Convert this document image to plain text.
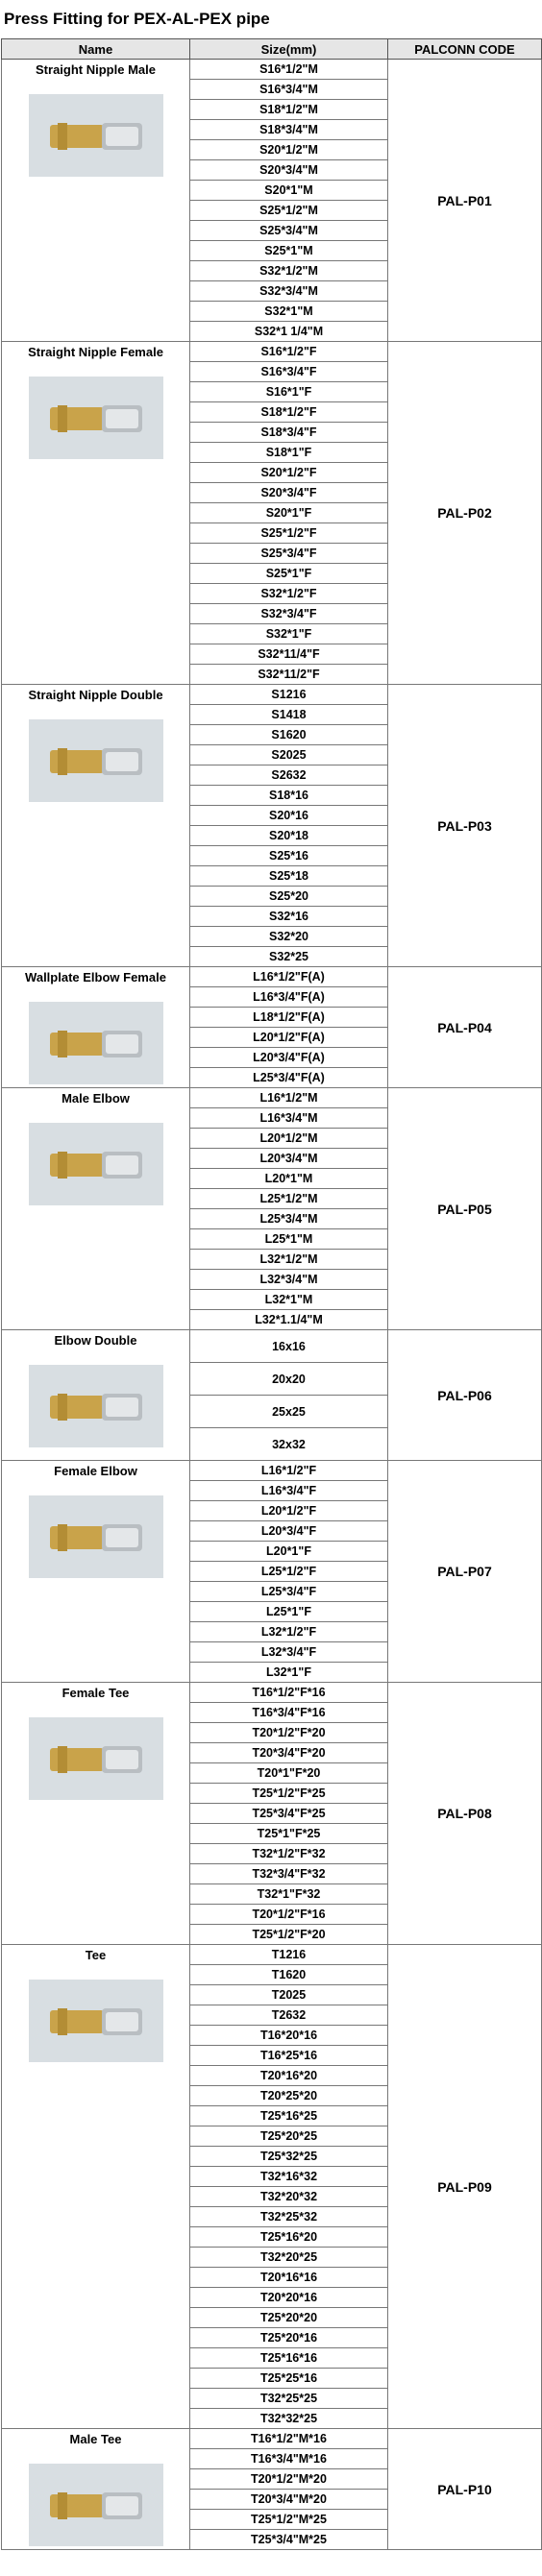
Press Fitting for PEX-AL-PEX pipe
Name	Size(mm)	PALCONN CODE

Straight Nipple Male	S16*1/2"M	PAL-P01
	S16*3/4"M	
	S18*1/2"M	
	S18*3/4"M	
	S20*1/2"M	
	S20*3/4"M	
	S20*1"M	
	S25*1/2"M	
	S25*3/4"M	
	S25*1"M	
	S32*1/2"M	
	S32*3/4"M	
	S32*1"M	
	S32*1 1/4"M	

Straight Nipple Female	S16*1/2"F	PAL-P02
	S16*3/4"F	
	S16*1"F	
	S18*1/2"F	
	S18*3/4"F	
	S18*1"F	
	S20*1/2"F	
	S20*3/4"F	
	S20*1"F	
	S25*1/2"F	
	S25*3/4"F	
	S25*1"F	
	S32*1/2"F	
	S32*3/4"F	
	S32*1"F	
	S32*11/4"F	
	S32*11/2"F	

Straight Nipple Double	S1216	PAL-P03
	S1418	
	S1620	
	S2025	
	S2632	
	S18*16	
	S20*16	
	S20*18	
	S25*16	
	S25*18	
	S25*20	
	S32*16	
	S32*20	
	S32*25	

Wallplate Elbow Female	L16*1/2"F(A)	PAL-P04
	L16*3/4"F(A)	
	L18*1/2"F(A)	
	L20*1/2"F(A)	
	L20*3/4"F(A)	
	L25*3/4"F(A)	

Male Elbow	L16*1/2"M	PAL-P05
	L16*3/4"M	
	L20*1/2"M	
	L20*3/4"M	
	L20*1"M	
	L25*1/2"M	
	L25*3/4"M	
	L25*1"M	
	L32*1/2"M	
	L32*3/4"M	
	L32*1"M	
	L32*1.1/4"M	

Elbow Double	16x16	PAL-P06
	20x20	
	25x25	
	32x32	

Female Elbow	L16*1/2"F	PAL-P07
	L16*3/4"F	
	L20*1/2"F	
	L20*3/4"F	
	L20*1"F	
	L25*1/2"F	
	L25*3/4"F	
	L25*1"F	
	L32*1/2"F	
	L32*3/4"F	
	L32*1"F	

Female Tee	T16*1/2"F*16	PAL-P08
	T16*3/4"F*16	
	T20*1/2"F*20	
	T20*3/4"F*20	
	T20*1"F*20	
	T25*1/2"F*25	
	T25*3/4"F*25	
	T25*1"F*25	
	T32*1/2"F*32	
	T32*3/4"F*32	
	T32*1"F*32	
	T20*1/2"F*16	
	T25*1/2"F*20	

Tee	T1216	PAL-P09
	T1620	
	T2025	
	T2632	
	T16*20*16	
	T16*25*16	
	T20*16*20	
	T20*25*20	
	T25*16*25	
	T25*20*25	
	T25*32*25	
	T32*16*32	
	T32*20*32	
	T32*25*32	
	T25*16*20	
	T32*20*25	
	T20*16*16	
	T20*20*16	
	T25*20*20	
	T25*20*16	
	T25*16*16	
	T25*25*16	
	T32*25*25	
	T32*32*25	

Male Tee	T16*1/2"M*16	PAL-P10
	T16*3/4"M*16	
	T20*1/2"M*20	
	T20*3/4"M*20	
	T25*1/2"M*25	
	T25*3/4"M*25	
